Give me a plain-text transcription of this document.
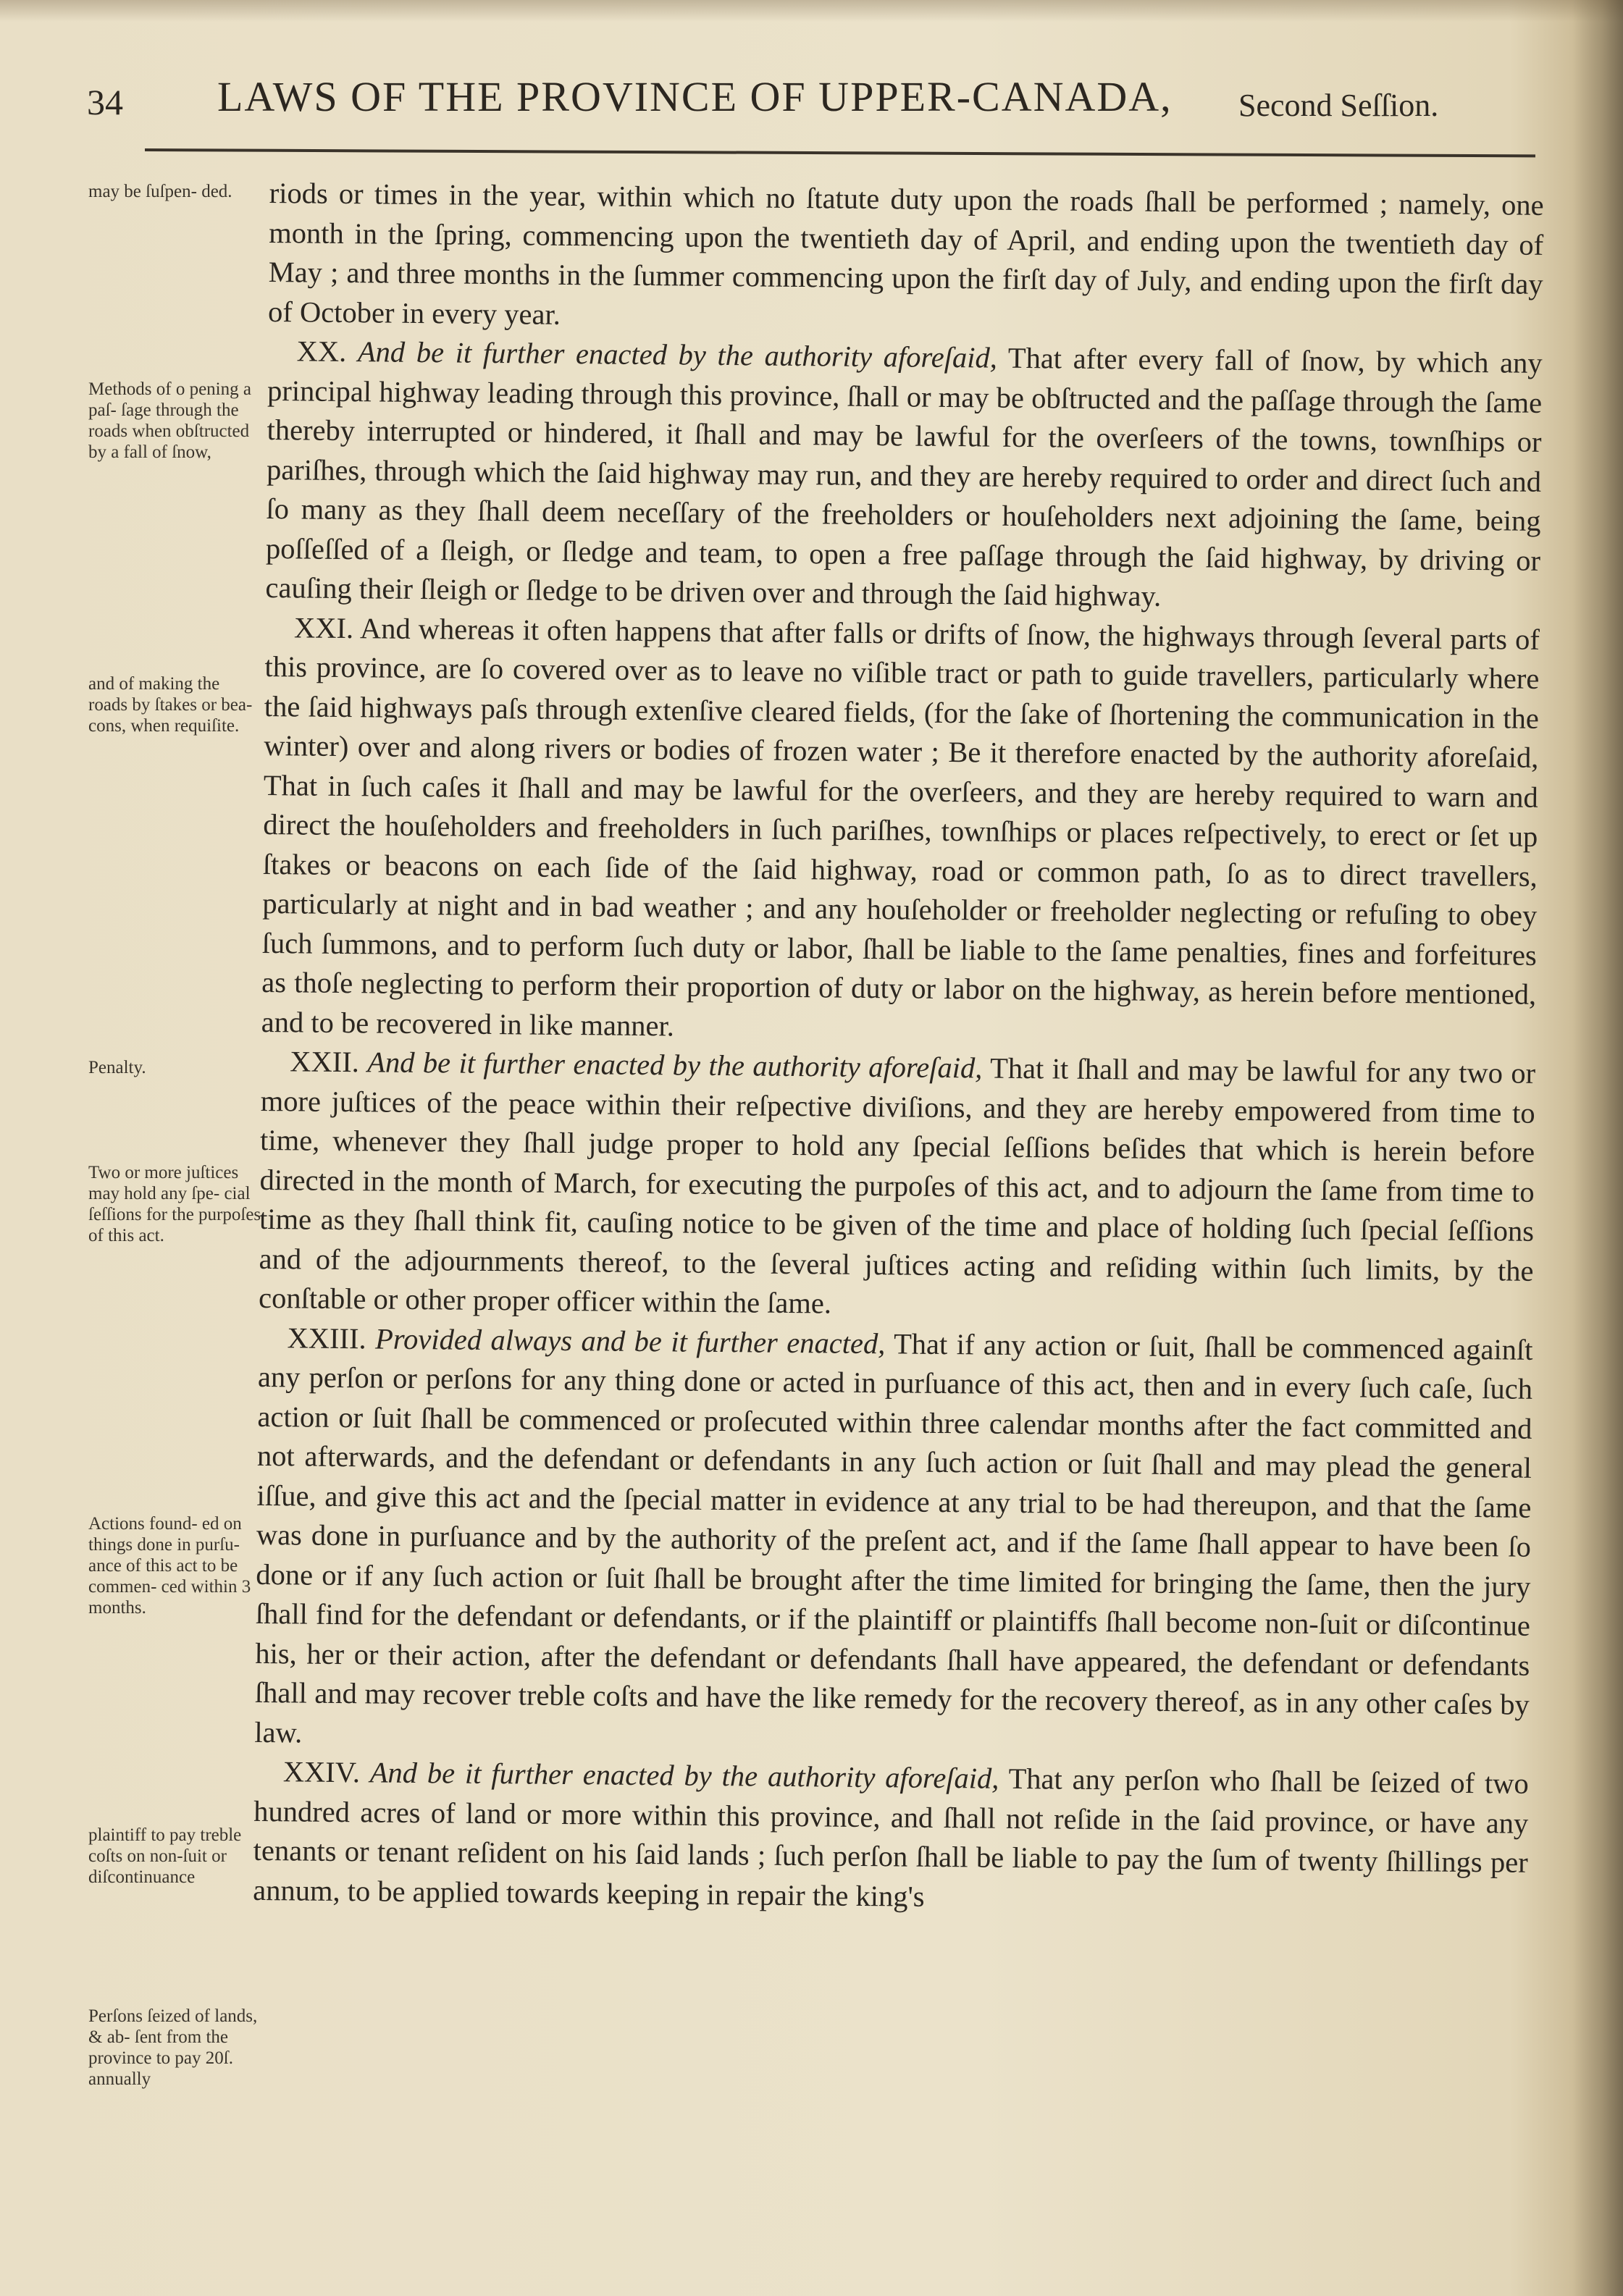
34 LAWS OF THE PROVINCE OF UPPER-CANADA, Second Seſſion.
may be ſuſpen- ded.
Methods of o pening a paſ- ſage through the roads when obſtructed by a fall of ſnow,
and of making the roads by ſtakes or bea- cons, when requiſite.
Penalty.
Two or more juſtices may hold any ſpe- cial ſeſſions for the purpoſes of this act.
Actions found- ed on things done in purſu- ance of this act to be commen- ced within 3 months.
plaintiff to pay treble coſts on non-ſuit or diſcontinuance
Perſons ſeized of lands, & ab- ſent from the province to pay 20ſ. annually

riods or times in the year, within which no ſtatute duty upon the roads ſhall be performed ; namely, one month in the ſpring, commencing upon the twentieth day of April, and ending upon the twentieth day of May ; and three months in the ſummer commencing upon the firſt day of July, and ending upon the firſt day of October in every year.

XX. And be it further enacted by the authority aforeſaid, That after every fall of ſnow, by which any principal highway leading through this province, ſhall or may be obſtructed and the paſſage through the ſame thereby interrupted or hindered, it ſhall and may be lawful for the overſeers of the towns, townſhips or pariſhes, through which the ſaid highway may run, and they are hereby required to order and direct ſuch and ſo many as they ſhall deem neceſſary of the freeholders or houſeholders next adjoining the ſame, being poſſeſſed of a ſleigh, or ſledge and team, to open a free paſſage through the ſaid highway, by driving or cauſing their ſleigh or ſledge to be driven over and through the ſaid highway.

XXI. And whereas it often happens that after falls or drifts of ſnow, the highways through ſeveral parts of this province, are ſo covered over as to leave no viſible tract or path to guide travellers, particularly where the ſaid highways paſs through extenſive cleared fields, (for the ſake of ſhortening the communication in the winter) over and along rivers or bodies of frozen water ; Be it therefore enacted by the authority aforeſaid, That in ſuch caſes it ſhall and may be lawful for the overſeers, and they are hereby required to warn and direct the houſeholders and freeholders in ſuch pariſhes, townſhips or places reſpectively, to erect or ſet up ſtakes or beacons on each ſide of the ſaid highway, road or common path, ſo as to direct travellers, particularly at night and in bad weather ; and any houſeholder or freeholder neglecting or refuſing to obey ſuch ſummons, and to perform ſuch duty or labor, ſhall be liable to the ſame penalties, fines and forfeitures as thoſe neglecting to perform their proportion of duty or labor on the highway, as herein before mentioned, and to be recovered in like manner.

XXII. And be it further enacted by the authority aforeſaid, That it ſhall and may be lawful for any two or more juſtices of the peace within their reſpective diviſions, and they are hereby empowered from time to time, whenever they ſhall judge proper to hold any ſpecial ſeſſions beſides that which is herein before directed in the month of March, for executing the purpoſes of this act, and to adjourn the ſame from time to time as they ſhall think fit, cauſing notice to be given of the time and place of holding ſuch ſpecial ſeſſions and of the adjournments thereof, to the ſeveral juſtices acting and reſiding within ſuch limits, by the conſtable or other proper officer within the ſame.

XXIII. Provided always and be it further enacted, That if any action or ſuit, ſhall be commenced againſt any perſon or perſons for any thing done or acted in purſuance of this act, then and in every ſuch caſe, ſuch action or ſuit ſhall be commenced or proſecuted within three calendar months after the fact committed and not afterwards, and the defendant or defendants in any ſuch action or ſuit ſhall and may plead the general iſſue, and give this act and the ſpecial matter in evidence at any trial to be had thereupon, and that the ſame was done in purſuance and by the authority of the preſent act, and if the ſame ſhall appear to have been ſo done or if any ſuch action or ſuit ſhall be brought after the time limited for bringing the ſame, then the jury ſhall find for the defendant or defendants, or if the plaintiff or plaintiffs ſhall become non-ſuit or diſcontinue his, her or their action, after the defendant or defendants ſhall have appeared, the defendant or defendants ſhall and may recover treble coſts and have the like remedy for the recovery thereof, as in any other caſes by law.

XXIV. And be it further enacted by the authority aforeſaid, That any perſon who ſhall be ſeized of two hundred acres of land or more within this province, and ſhall not reſide in the ſaid province, or have any tenants or tenant reſident on his ſaid lands ; ſuch perſon ſhall be liable to pay the ſum of twenty ſhillings per annum, to be applied towards keeping in repair the king's
